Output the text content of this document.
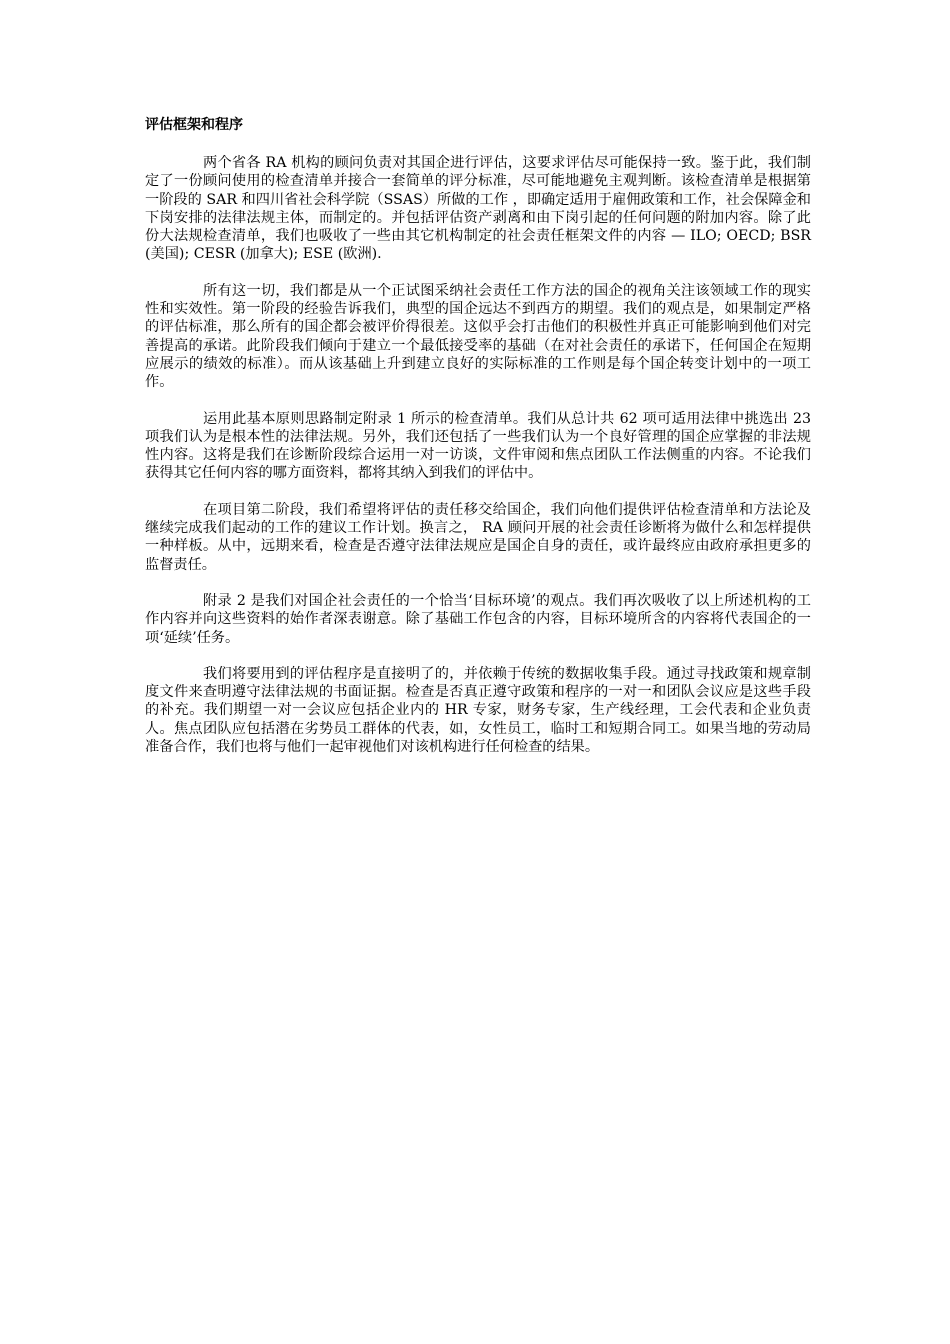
评估框架和程序

两个省各 RA 机构的顾问负责对其国企进行评估，这要求评估尽可能保持一致。鉴于此，我们制定了一份顾问使用的检查清单并接合一套简单的评分标准，尽可能地避免主观判断。该检查清单是根据第一阶段的 SAR 和四川省社会科学院（SSAS）所做的工作 ，即确定适用于雇佣政策和工作，社会保障金和下岗安排的法律法规主体，而制定的。并包括评估资产剥离和由下岗引起的任何问题的附加内容。除了此份大法规检查清单，我们也吸收了一些由其它机构制定的社会责任框架文件的内容 — ILO; OECD; BSR (美国); CESR (加拿大); ESE (欧洲).

所有这一切，我们都是从一个正试图采纳社会责任工作方法的国企的视角关注该领域工作的现实性和实效性。第一阶段的经验告诉我们，典型的国企远达不到西方的期望。我们的观点是，如果制定严格的评估标准，那么所有的国企都会被评价得很差。这似乎会打击他们的积极性并真正可能影响到他们对完善提高的承诺。此阶段我们倾向于建立一个最低接受率的基础（在对社会责任的承诺下，任何国企在短期应展示的绩效的标准）。而从该基础上升到建立良好的实际标准的工作则是每个国企转变计划中的一项工作。

运用此基本原则思路制定附录 1 所示的检查清单。我们从总计共 62 项可适用法律中挑选出 23 项我们认为是根本性的法律法规。另外，我们还包括了一些我们认为一个良好管理的国企应掌握的非法规性内容。这将是我们在诊断阶段综合运用一对一访谈，文件审阅和焦点团队工作法侧重的内容。不论我们获得其它任何内容的哪方面资料，都将其纳入到我们的评估中。

在项目第二阶段，我们希望将评估的责任移交给国企，我们向他们提供评估检查清单和方法论及继续完成我们起动的工作的建议工作计划。换言之， RA 顾问开展的社会责任诊断将为做什么和怎样提供一种样板。从中，远期来看，检查是否遵守法律法规应是国企自身的责任，或许最终应由政府承担更多的监督责任。

附录 2 是我们对国企社会责任的一个恰当‘目标环境’的观点。我们再次吸收了以上所述机构的工作内容并向这些资料的始作者深表谢意。除了基础工作包含的内容，目标环境所含的内容将代表国企的一项‘延续’任务。

我们将要用到的评估程序是直接明了的，并依赖于传统的数据收集手段。通过寻找政策和规章制度文件来查明遵守法律法规的书面证据。检查是否真正遵守政策和程序的一对一和团队会议应是这些手段的补充。我们期望一对一会议应包括企业内的 HR 专家，财务专家，生产线经理，工会代表和企业负责人。焦点团队应包括潜在劣势员工群体的代表，如，女性员工，临时工和短期合同工。如果当地的劳动局准备合作，我们也将与他们一起审视他们对该机构进行任何检查的结果。
